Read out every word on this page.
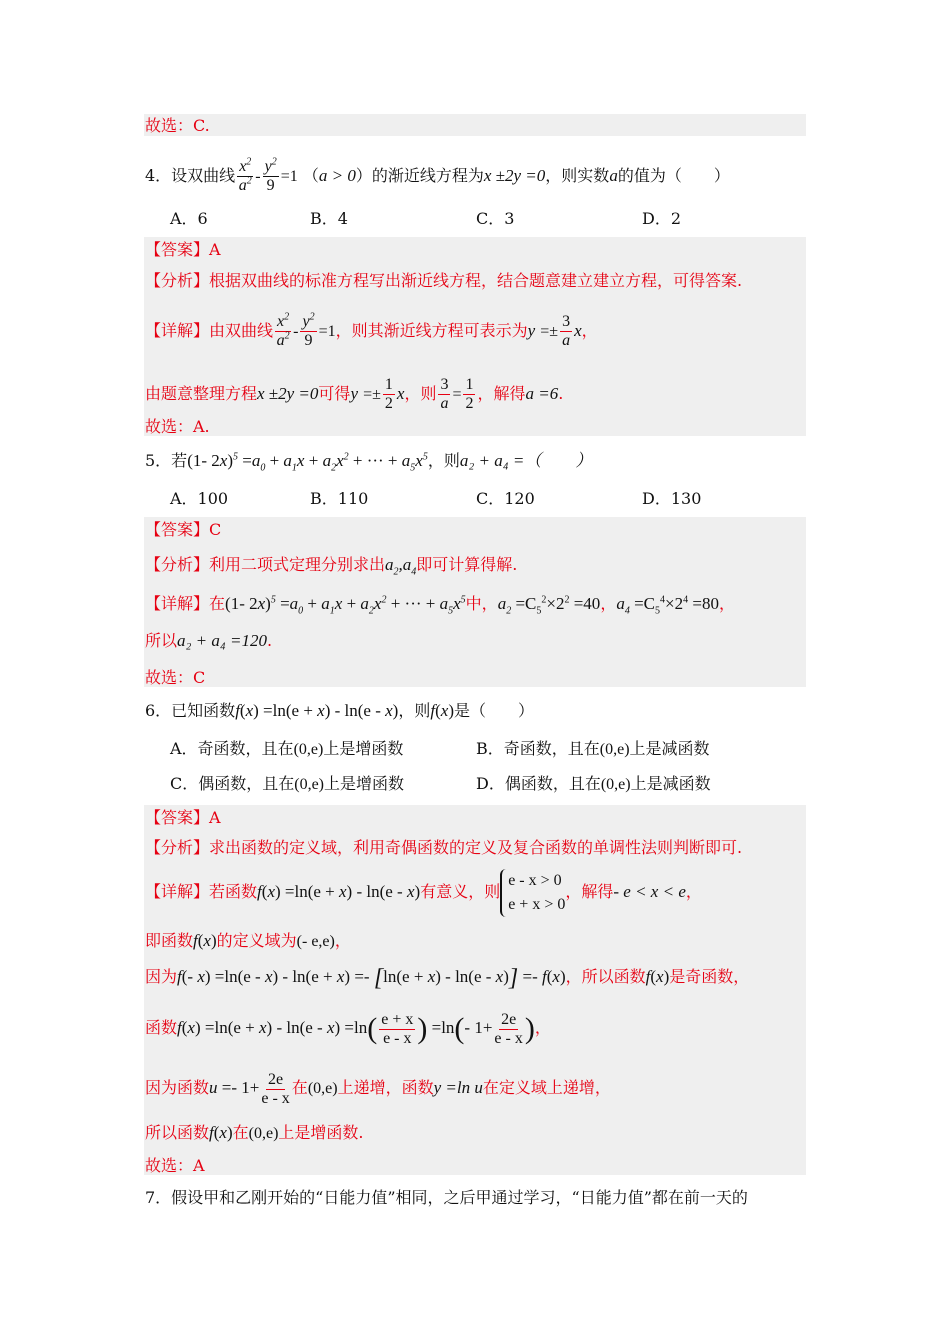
故选：C.
4．设双曲线 $\frac{x^2}{a^2} - \frac{y^2}{9} =1$ （a > 0）的渐近线方程为x ±2y =0，则实数a的值为（　　）
A．6	B．4	C．3	D．2
【答案】A
【分析】根据双曲线的标准方程写出渐近线方程，结合题意建立建立方程，可得答案.
【详解】由双曲线 $\frac{x^2}{a^2} - \frac{y^2}{9} =1$，则其渐近线方程可表示为$y =\pm \frac{3}{a}$ x，
由题意整理方程x ±2y =0可得$y =\pm \frac{1}{2}$ x，则 $\frac{3}{a} = \frac{1}{2}$ ，解得a =6.
故选：A.
5．若(1- $2x)^5 =a_0 + a_1x + a_2x^2$ + ··· + $a_5x^5$，则a₂ + a₄ =（　　）
A．100	B．110	C．120	D．130
【答案】C
【分析】利用二项式定理分别求出$a_2,a_4$即可计算得解.
【详解】在(1- $2x)^5 =a_0 + a_1x + a_2x^2$ + ··· + $a_5x^5$中，$a_2 =C_5^2\times 2^2 =40$，$a_4 =C_5^4\times 2^4 =80$，
所以a₂ + a₄ =120.
故选：C
6．已知函数f(x) =ln(e + x) - ln(e - x)，则f(x)是（　　）
A．奇函数，且在(0,e)上是增函数	B．奇函数，且在(0,e)上是减函数
C．偶函数，且在(0,e)上是增函数	D．偶函数，且在(0,e)上是减函数
【答案】A
【分析】求出函数的定义域，利用奇偶函数的定义及复合函数的单调性法则判断即可.
【详解】若函数f(x) =ln(e + x) - ln(e - x)有意义，则
e - x > 0
e + x > 0
，解得- e < x < e，
即函数f(x)的定义域为(- e,e)，
因为f(- x) =ln(e - x) - ln(e + x) =- [ln(e + x) - ln(e - x)] =- f(x)，所以函数f(x)是奇函数，
函数$f(x) =\ln(e + x) - \ln(e - x) =\ln( \frac{e + x}{e - x}$ ) =ln(- $1+ \frac{2e}{e - x}$ )，
因为函数$u =- 1+ \frac{2e}{e - x}$ 在(0,e)上递增，函数y =ln u在定义域上递增，
所以函数f(x)在(0,e)上是增函数.
故选：A
7．假设甲和乙刚开始的“日能力值”相同，之后甲通过学习，“日能力值”都在前一天的
